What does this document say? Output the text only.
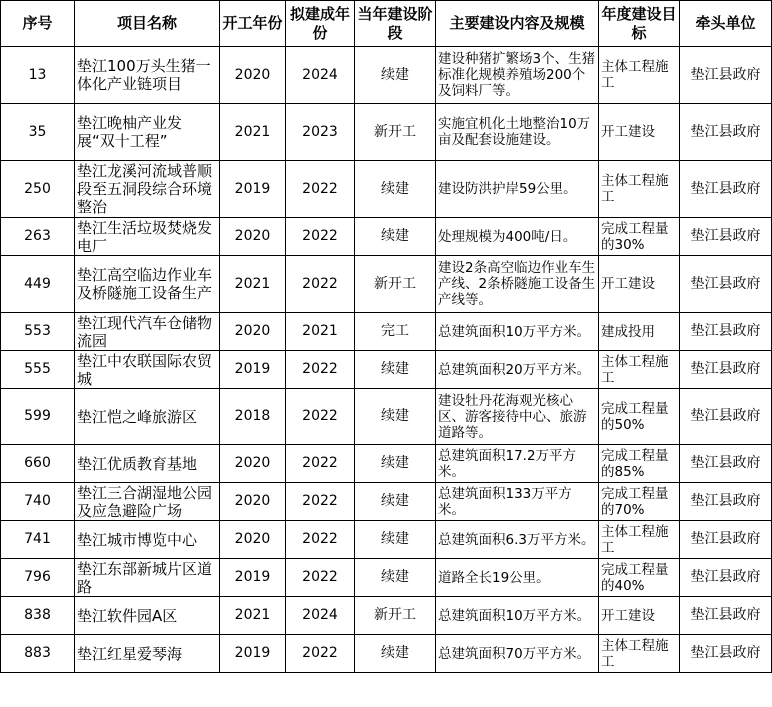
序号	项目名称	开工年份	拟建成年份	当年建设阶段	主要建设内容及规模	年度建设目标	牵头单位
13	垫江100万头生猪一体化产业链项目	2020	2024	续建	建设种猪扩繁场3个、生猪标准化规模养殖场200个及饲料厂等。	主体工程施工	垫江县政府
35	垫江晚柚产业发展“双十工程”	2021	2023	新开工	实施宜机化土地整治10万亩及配套设施建设。	开工建设	垫江县政府
250	垫江龙溪河流域普顺段至五洞段综合环境整治	2019	2022	续建	建设防洪护岸59公里。	主体工程施工	垫江县政府
263	垫江生活垃圾焚烧发电厂	2020	2022	续建	处理规模为400吨/日。	完成工程量的30%	垫江县政府
449	垫江高空临边作业车及桥隧施工设备生产	2021	2022	新开工	建设2条高空临边作业车生产线、2条桥隧施工设备生产线等。	开工建设	垫江县政府
553	垫江现代汽车仓储物流园	2020	2021	完工	总建筑面积10万平方米。	建成投用	垫江县政府
555	垫江中农联国际农贸城	2019	2022	续建	总建筑面积20万平方米。	主体工程施工	垫江县政府
599	垫江恺之峰旅游区	2018	2022	续建	建设牡丹花海观光核心区、游客接待中心、旅游道路等。	完成工程量的50%	垫江县政府
660	垫江优质教育基地	2020	2022	续建	总建筑面积17.2万平方米。	完成工程量的85%	垫江县政府
740	垫江三合湖湿地公园及应急避险广场	2020	2022	续建	总建筑面积133万平方米。	完成工程量的70%	垫江县政府
741	垫江城市博览中心	2020	2022	续建	总建筑面积6.3万平方米。	主体工程施工	垫江县政府
796	垫江东部新城片区道路	2019	2022	续建	道路全长19公里。	完成工程量的40%	垫江县政府
838	垫江软件园A区	2021	2024	新开工	总建筑面积10万平方米。	开工建设	垫江县政府
883	垫江红星爱琴海	2019	2022	续建	总建筑面积70万平方米。	主体工程施工	垫江县政府
